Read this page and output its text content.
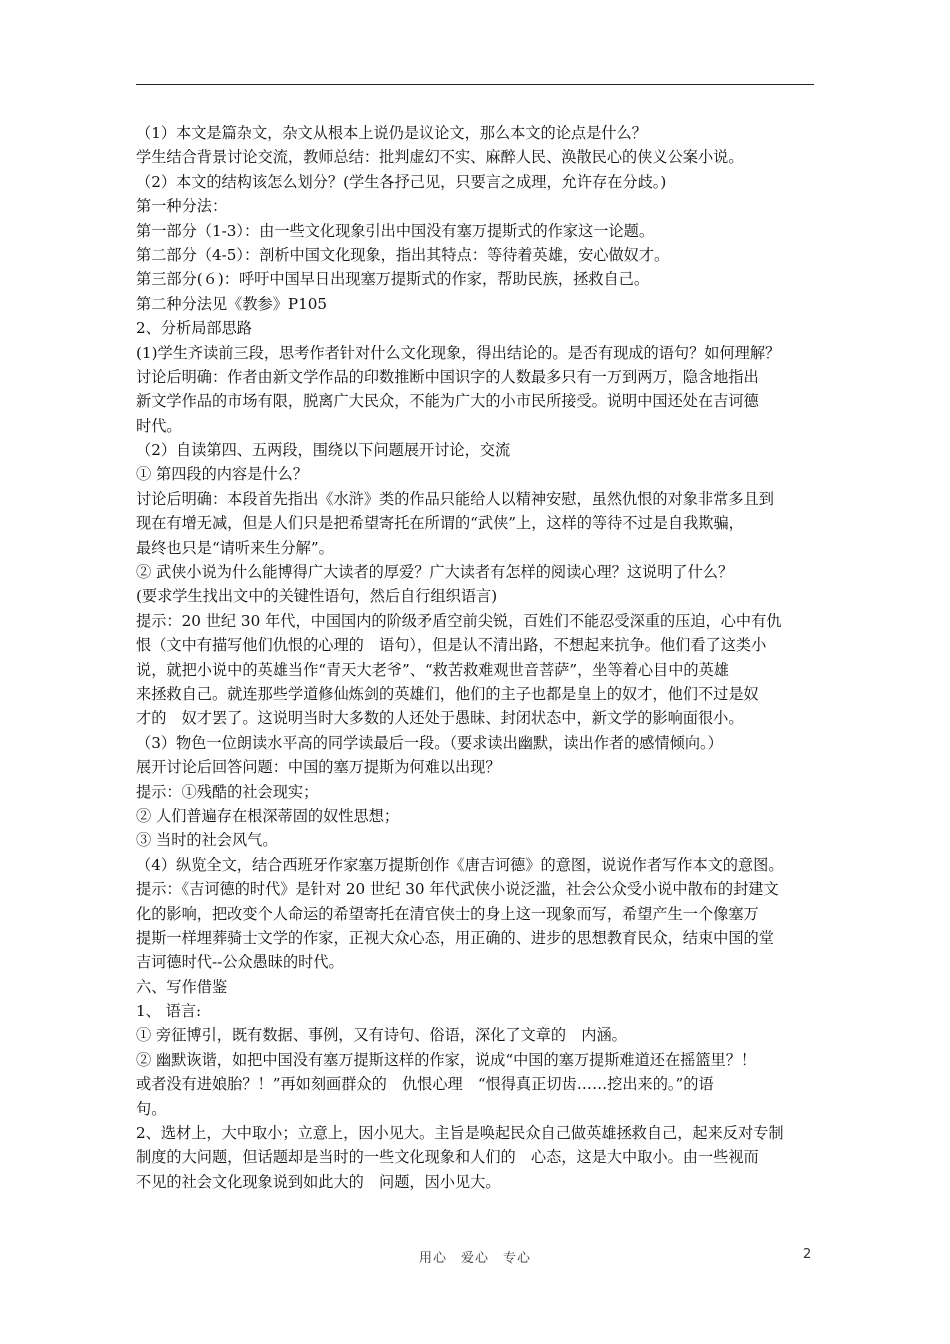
（1）本文是篇杂文，杂文从根本上说仍是议论文，那么本文的论点是什么？
学生结合背景讨论交流，教师总结：批判虚幻不实、麻醉人民、涣散民心的侠义公案小说。
（2）本文的结构该怎么划分？(学生各抒己见，只要言之成理，允许存在分歧。)
第一种分法：
第一部分（1-3）：由一些文化现象引出中国没有塞万提斯式的作家这一论题。
第二部分（4-5）：剖析中国文化现象，指出其特点：等待着英雄，安心做奴才。
第三部分(６)：呼吁中国早日出现塞万提斯式的作家，帮助民族，拯救自己。
第二种分法见《教参》P105
2、分析局部思路
(1)学生齐读前三段，思考作者针对什么文化现象，得出结论的。是否有现成的语句？如何理解？
讨论后明确：作者由新文学作品的印数推断中国识字的人数最多只有一万到两万，隐含地指出
新文学作品的市场有限，脱离广大民众，不能为广大的小市民所接受。说明中国还处在吉诃德
时代。
（2）自读第四、五两段，围绕以下问题展开讨论，交流
① 第四段的内容是什么？
讨论后明确：本段首先指出《水浒》类的作品只能给人以精神安慰，虽然仇恨的对象非常多且到
现在有增无减，但是人们只是把希望寄托在所谓的“武侠”上，这样的等待不过是自我欺骗，
最终也只是“请听来生分解”。
② 武侠小说为什么能博得广大读者的厚爱？广大读者有怎样的阅读心理？这说明了什么？
(要求学生找出文中的关键性语句，然后自行组织语言)
提示：20 世纪 30 年代，中国国内的阶级矛盾空前尖锐，百姓们不能忍受深重的压迫，心中有仇
恨（文中有描写他们仇恨的心理的　语句），但是认不清出路，不想起来抗争。他们看了这类小
说，就把小说中的英雄当作“青天大老爷”、“救苦救难观世音菩萨”，坐等着心目中的英雄
来拯救自己。就连那些学道修仙炼剑的英雄们，他们的主子也都是皇上的奴才，他们不过是奴
才的　奴才罢了。这说明当时大多数的人还处于愚昧、封闭状态中，新文学的影响面很小。
（3）物色一位朗读水平高的同学读最后一段。（要求读出幽默，读出作者的感情倾向。）
展开讨论后回答问题：中国的塞万提斯为何难以出现？
提示：①残酷的社会现实；
② 人们普遍存在根深蒂固的奴性思想；
③ 当时的社会风气。
（4）纵览全文，结合西班牙作家塞万提斯创作《唐吉诃德》的意图，说说作者写作本文的意图。
提示：《吉诃德的时代》是针对 20 世纪 30 年代武侠小说泛滥，社会公众受小说中散布的封建文
化的影响，把改变个人命运的希望寄托在清官侠士的身上这一现象而写，希望产生一个像塞万
提斯一样埋葬骑士文学的作家，正视大众心态，用正确的、进步的思想教育民众，结束中国的堂
吉诃德时代--公众愚昧的时代。
六、写作借鉴
1、 语言:
① 旁征博引，既有数据、事例，又有诗句、俗语，深化了文章的　内涵。
② 幽默诙谐，如把中国没有塞万提斯这样的作家，说成“中国的塞万提斯难道还在摇篮里？！
或者没有进娘胎？！”再如刻画群众的　仇恨心理　“恨得真正切齿……挖出来的。”的语
句。
2、选材上，大中取小；立意上，因小见大。主旨是唤起民众自己做英雄拯救自己，起来反对专制
制度的大问题，但话题却是当时的一些文化现象和人们的　心态，这是大中取小。由一些视而
不见的社会文化现象说到如此大的　问题，因小见大。
用心　爱心　专心	2
